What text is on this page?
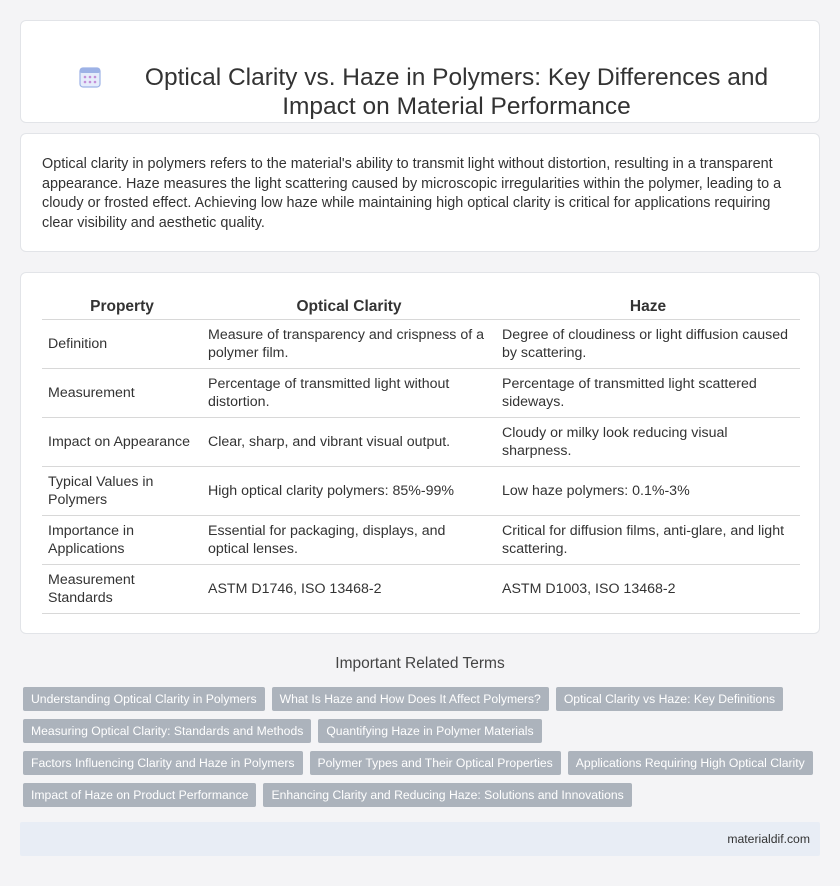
Optical Clarity vs. Haze in Polymers: Key Differences and Impact on Material Performance

Optical clarity in polymers refers to the material's ability to transmit light without distortion, resulting in a transparent appearance. Haze measures the light scattering caused by microscopic irregularities within the polymer, leading to a cloudy or frosted effect. Achieving low haze while maintaining high optical clarity is critical for applications requiring clear visibility and aesthetic quality.

Property	Optical Clarity	Haze
Definition	Measure of transparency and crispness of a polymer film.	Degree of cloudiness or light diffusion caused by scattering.
Measurement	Percentage of transmitted light without distortion.	Percentage of transmitted light scattered sideways.
Impact on Appearance	Clear, sharp, and vibrant visual output.	Cloudy or milky look reducing visual sharpness.
Typical Values in Polymers	High optical clarity polymers: 85%-99%	Low haze polymers: 0.1%-3%
Importance in Applications	Essential for packaging, displays, and optical lenses.	Critical for diffusion films, anti-glare, and light scattering.
Measurement Standards	ASTM D1746, ISO 13468-2	ASTM D1003, ISO 13468-2
Important Related Terms
Understanding Optical Clarity in Polymers	What Is Haze and How Does It Affect Polymers?	Optical Clarity vs Haze: Key Definitions
Measuring Optical Clarity: Standards and Methods	Quantifying Haze in Polymer Materials
Factors Influencing Clarity and Haze in Polymers	Polymer Types and Their Optical Properties	Applications Requiring High Optical Clarity
Impact of Haze on Product Performance	Enhancing Clarity and Reducing Haze: Solutions and Innovations
materialdif.com
